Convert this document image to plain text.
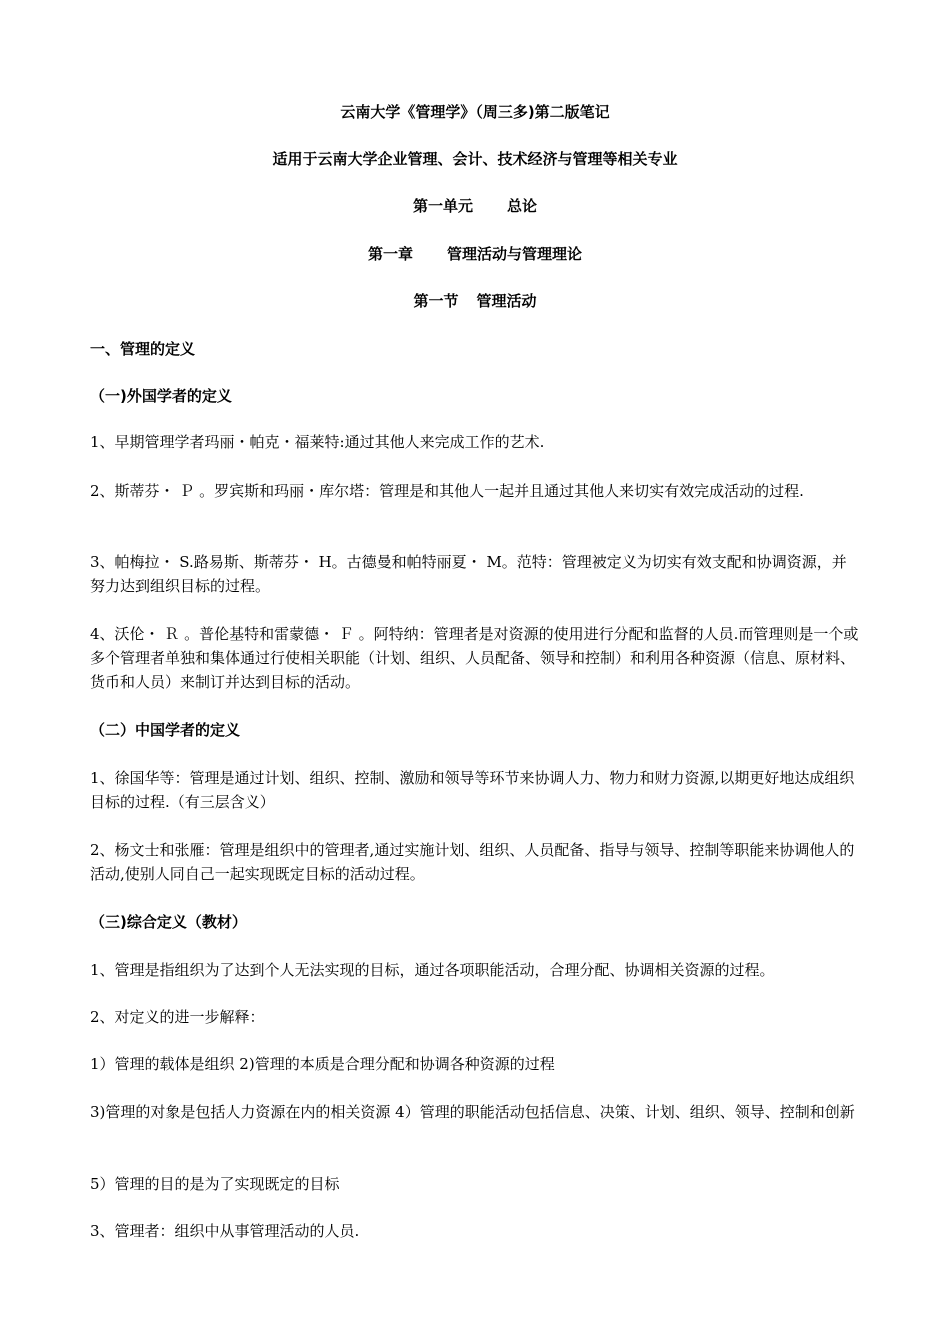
云南大学《管理学》（周三多)第二版笔记
适用于云南大学企业管理、会计、技术经济与管理等相关专业
第一单元 总论
第一章 管理活动与管理理论
第一节 管理活动
一、管理的定义
（一)外国学者的定义
1、早期管理学者玛丽・帕克・福莱特:通过其他人来完成工作的艺术.
2、斯蒂芬・ Ｐ 。罗宾斯和玛丽・库尔塔：管理是和其他人一起并且通过其他人来切实有效完成活动的过程.
3、帕梅拉・ S.路易斯、斯蒂芬・ H。古德曼和帕特丽夏・ M。范特：管理被定义为切实有效支配和协调资源，并努力达到组织目标的过程。
4、沃伦・ Ｒ 。普伦基特和雷蒙德・ Ｆ 。阿特纳：管理者是对资源的使用进行分配和监督的人员.而管理则是一个或多个管理者单独和集体通过行使相关职能（计划、组织、人员配备、领导和控制）和利用各种资源（信息、原材料、货币和人员）来制订并达到目标的活动。
（二）中国学者的定义
1、徐国华等：管理是通过计划、组织、控制、激励和领导等环节来协调人力、物力和财力资源,以期更好地达成组织目标的过程.（有三层含义）
2、杨文士和张雁：管理是组织中的管理者,通过实施计划、组织、人员配备、指导与领导、控制等职能来协调他人的活动,使别人同自己一起实现既定目标的活动过程。
（三)综合定义（教材）
1、管理是指组织为了达到个人无法实现的目标，通过各项职能活动，合理分配、协调相关资源的过程。
2、对定义的进一步解释：
1）管理的载体是组织 2)管理的本质是合理分配和协调各种资源的过程
3)管理的对象是包括人力资源在内的相关资源 4）管理的职能活动包括信息、决策、计划、组织、领导、控制和创新
5）管理的目的是为了实现既定的目标
3、管理者：组织中从事管理活动的人员.
